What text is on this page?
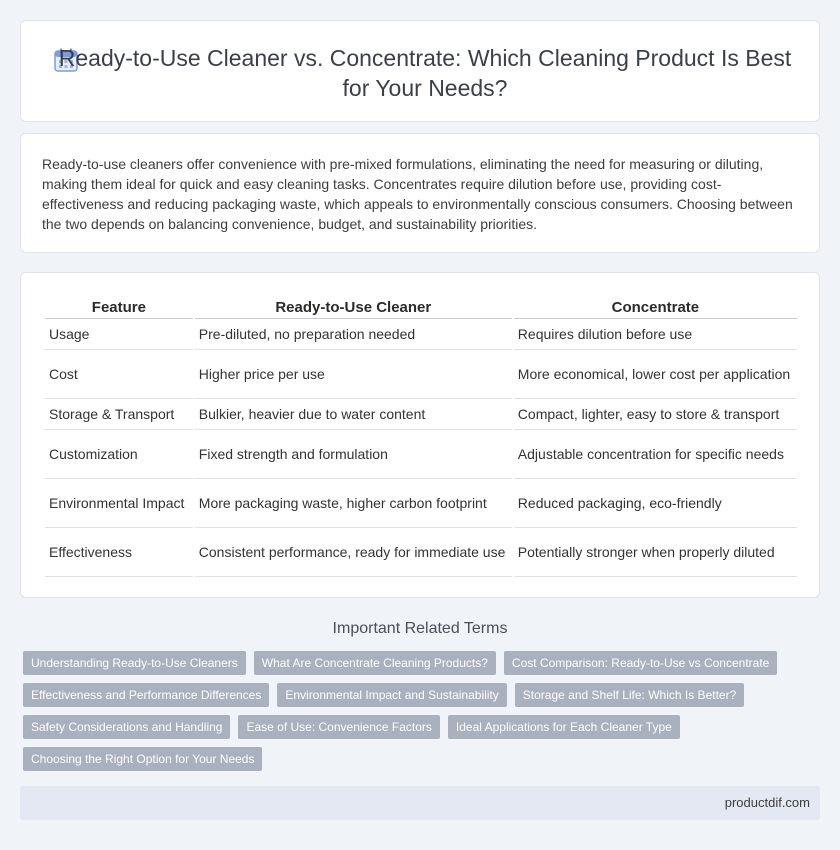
Ready-to-Use Cleaner vs. Concentrate: Which Cleaning Product Is Best for Your Needs?

Ready-to-use cleaners offer convenience with pre-mixed formulations, eliminating the need for measuring or diluting, making them ideal for quick and easy cleaning tasks. Concentrates require dilution before use, providing cost-effectiveness and reducing packaging waste, which appeals to environmentally conscious consumers. Choosing between the two depends on balancing convenience, budget, and sustainability priorities.

Feature	Ready-to-Use Cleaner	Concentrate
Usage	Pre-diluted, no preparation needed	Requires dilution before use
Cost	Higher price per use	More economical, lower cost per application
Storage & Transport	Bulkier, heavier due to water content	Compact, lighter, easy to store & transport
Customization	Fixed strength and formulation	Adjustable concentration for specific needs
Environmental Impact	More packaging waste, higher carbon footprint	Reduced packaging, eco-friendly
Effectiveness	Consistent performance, ready for immediate use	Potentially stronger when properly diluted
Important Related Terms
Understanding Ready-to-Use Cleaners	What Are Concentrate Cleaning Products?	Cost Comparison: Ready-to-Use vs Concentrate
Effectiveness and Performance Differences	Environmental Impact and Sustainability	Storage and Shelf Life: Which Is Better?
Safety Considerations and Handling	Ease of Use: Convenience Factors	Ideal Applications for Each Cleaner Type
Choosing the Right Option for Your Needs
productdif.com
